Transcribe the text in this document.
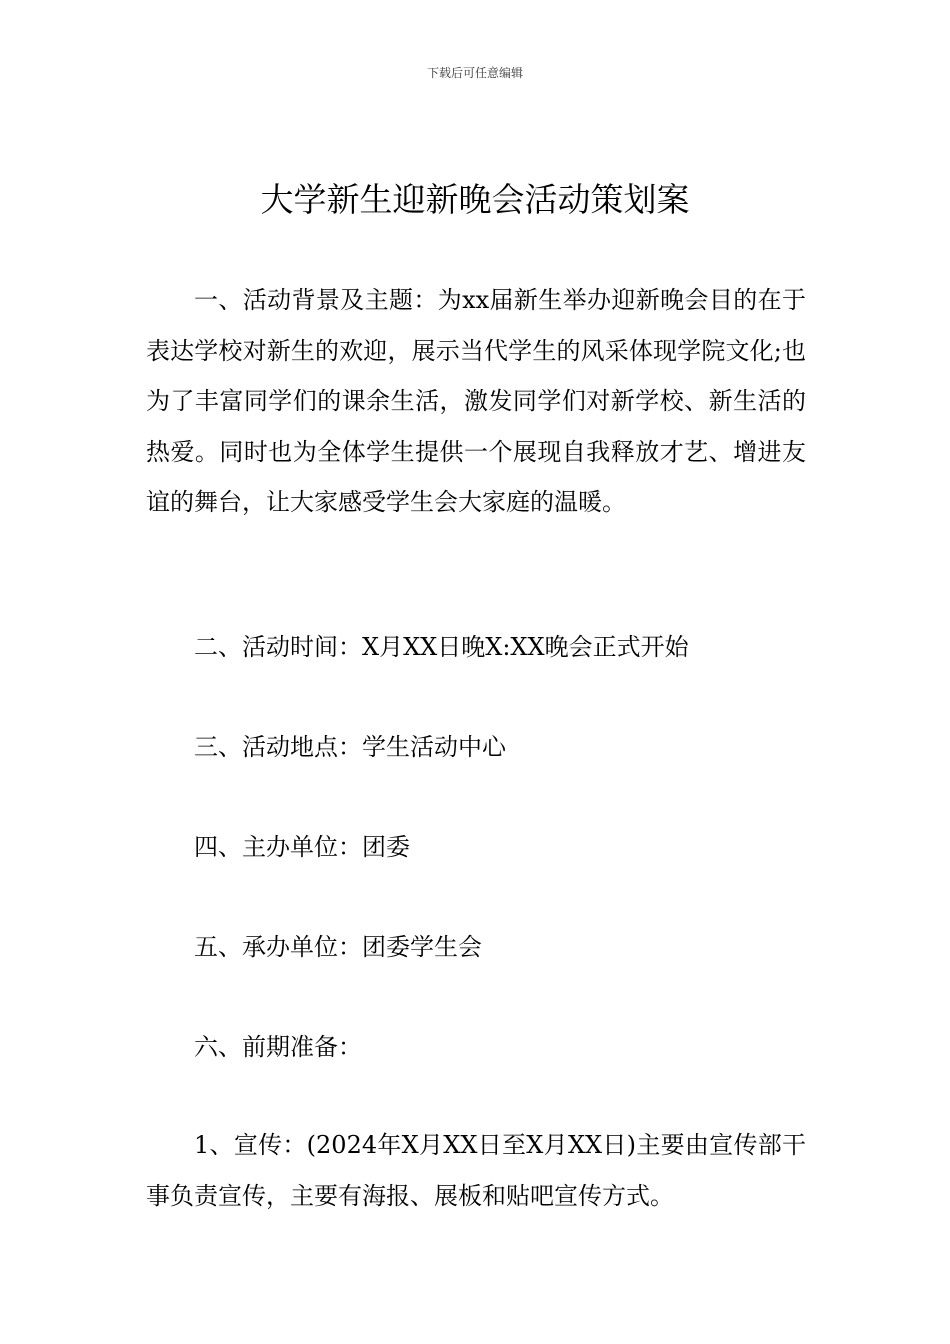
下载后可任意编辑
大学新生迎新晚会活动策划案

一、活动背景及主题：为xx届新生举办迎新晚会目的在于表达学校对新生的欢迎，展示当代学生的风采体现学院文化;也为了丰富同学们的课余生活，激发同学们对新学校、新生活的热爱。同时也为全体学生提供一个展现自我释放才艺、增进友谊的舞台，让大家感受学生会大家庭的温暖。

二、活动时间：X月XX日晚X:XX晚会正式开始

三、活动地点：学生活动中心

四、主办单位：团委

五、承办单位：团委学生会

六、前期准备：

1、宣传：(2024年X月XX日至X月XX日)主要由宣传部干事负责宣传，主要有海报、展板和贴吧宣传方式。
